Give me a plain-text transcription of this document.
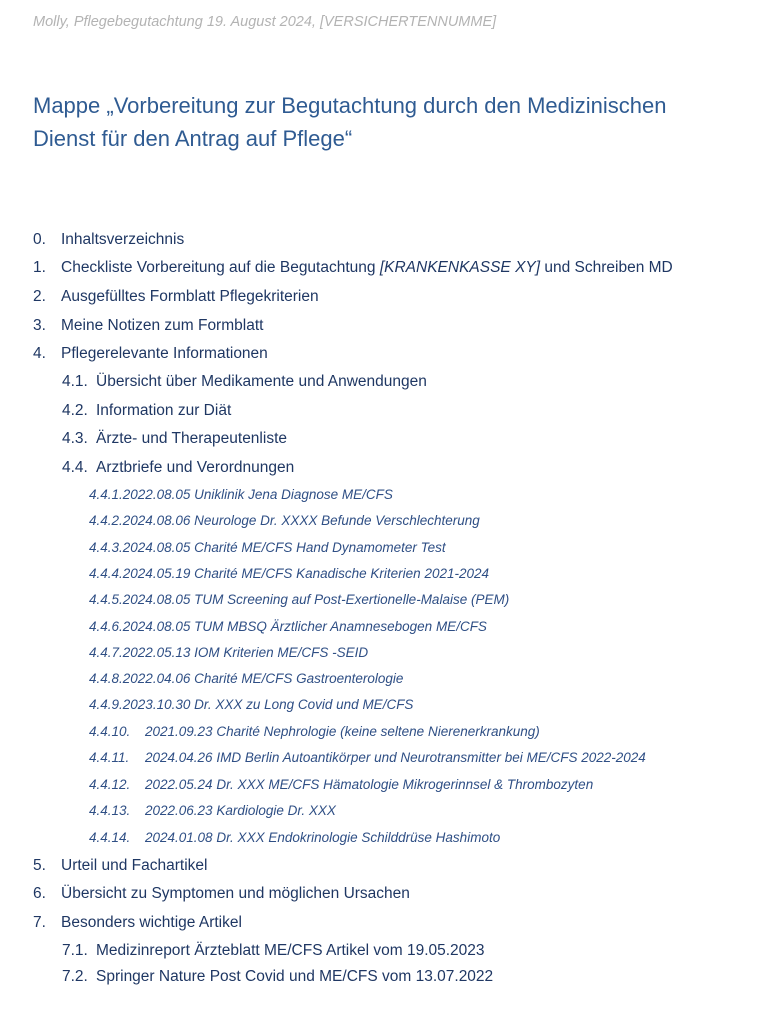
Molly, Pflegebegutachtung 19. August 2024, [VERSICHERTENNUMME]
Mappe „Vorbereitung zur Begutachtung durch den Medizinischen Dienst für den Antrag auf Pflege“
0. Inhaltsverzeichnis
1. Checkliste Vorbereitung auf die Begutachtung [KRANKENKASSE XY] und Schreiben MD
2. Ausgefülltes Formblatt Pflegekriterien
3. Meine Notizen zum Formblatt
4. Pflegerelevante Informationen
4.1. Übersicht über Medikamente und Anwendungen
4.2. Information zur Diät
4.3. Ärzte- und Therapeutenliste
4.4. Arztbriefe und Verordnungen
4.4.1. 2022.08.05 Uniklinik Jena Diagnose ME/CFS
4.4.2. 2024.08.06 Neurologe Dr. XXXX Befunde Verschlechterung
4.4.3. 2024.08.05 Charité ME/CFS Hand Dynamometer Test
4.4.4. 2024.05.19 Charité ME/CFS Kanadische Kriterien 2021-2024
4.4.5. 2024.08.05 TUM Screening auf Post-Exertionelle-Malaise (PEM)
4.4.6. 2024.08.05 TUM MBSQ Ärztlicher Anamnesebogen ME/CFS
4.4.7. 2022.05.13 IOM Kriterien ME/CFS -SEID
4.4.8. 2022.04.06 Charité ME/CFS Gastroenterologie
4.4.9. 2023.10.30 Dr. XXX zu Long Covid und ME/CFS
4.4.10.	2021.09.23 Charité Nephrologie (keine seltene Nierenerkrankung)
4.4.11.	2024.04.26 IMD Berlin Autoantikörper und Neurotransmitter bei ME/CFS 2022-2024
4.4.12.	2022.05.24 Dr. XXX ME/CFS Hämatologie Mikrogerinnsel & Thrombozyten
4.4.13.	2022.06.23 Kardiologie Dr. XXX
4.4.14.	2024.01.08 Dr. XXX Endokrinologie Schilddrüse Hashimoto
5. Urteil und Fachartikel
6. Übersicht zu Symptomen und möglichen Ursachen
7. Besonders wichtige Artikel
7.1. Medizinreport Ärzteblatt ME/CFS Artikel vom 19.05.2023
7.2. Springer Nature Post Covid und ME/CFS vom 13.07.2022
